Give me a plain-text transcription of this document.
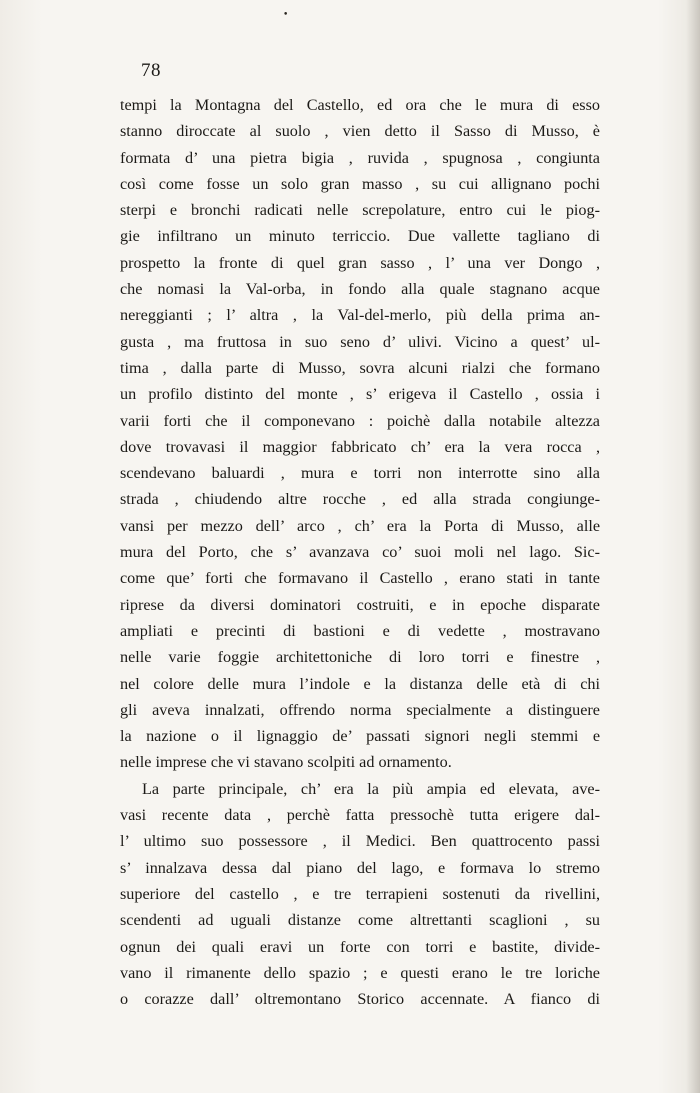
•
78
tempi la Montagna del Castello, ed ora che le mura di esso
stanno diroccate al suolo , vien detto il Sasso di Musso, è
formata d’ una pietra bigia , ruvida , spugnosa , congiunta
così come fosse un solo gran masso , su cui allignano pochi
sterpi e bronchi radicati nelle screpolature, entro cui le piog-
gie infiltrano un minuto terriccio. Due vallette tagliano di
prospetto la fronte di quel gran sasso , l’ una ver Dongo ,
che nomasi la Val-orba, in fondo alla quale stagnano acque
nereggianti ; l’ altra , la Val-del-merlo, più della prima an-
gusta , ma fruttosa in suo seno d’ ulivi. Vicino a quest’ ul-
tima , dalla parte di Musso, sovra alcuni rialzi che formano
un profilo distinto del monte , s’ erigeva il Castello , ossia i
varii forti che il componevano : poichè dalla notabile altezza
dove trovavasi il maggior fabbricato ch’ era la vera rocca ,
scendevano baluardi , mura e torri non interrotte sino alla
strada , chiudendo altre rocche , ed alla strada congiunge-
vansi per mezzo dell’ arco , ch’ era la Porta di Musso, alle
mura del Porto, che s’ avanzava co’ suoi moli nel lago. Sic-
come que’ forti che formavano il Castello , erano stati in tante
riprese da diversi dominatori costruiti, e in epoche disparate
ampliati e precinti di bastioni e di vedette , mostravano
nelle varie foggie architettoniche di loro torri e finestre ,
nel colore delle mura l’indole e la distanza delle età di chi
gli aveva innalzati, offrendo norma specialmente a distinguere
la nazione o il lignaggio de’ passati signori negli stemmi e
nelle imprese che vi stavano scolpiti ad ornamento.
La parte principale, ch’ era la più ampia ed elevata, ave-
vasi recente data , perchè fatta pressochè tutta erigere dal-
l’ ultimo suo possessore , il Medici. Ben quattrocento passi
s’ innalzava dessa dal piano del lago, e formava lo stremo
superiore del castello , e tre terrapieni sostenuti da rivellini,
scendenti ad uguali distanze come altrettanti scaglioni , su
ognun dei quali eravi un forte con torri e bastite, divide-
vano il rimanente dello spazio ; e questi erano le tre loriche
o corazze dall’ oltremontano Storico accennate. A fianco di
